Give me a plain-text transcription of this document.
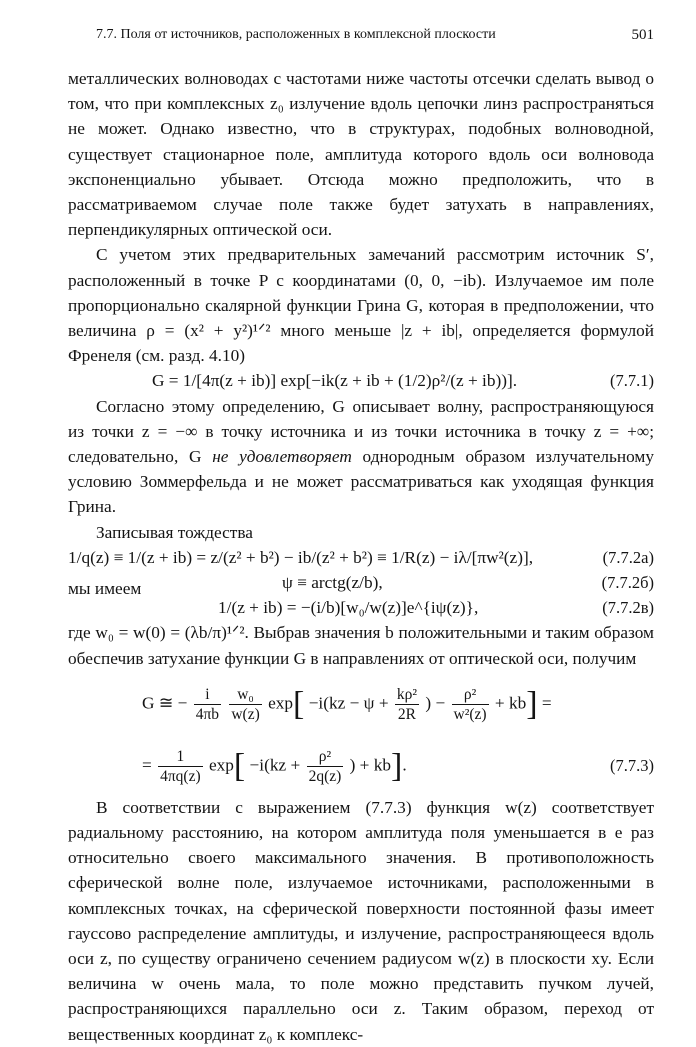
7.7. Поля от источников, расположенных в комплексной плоскости	501

металлических волноводах с частотами ниже частоты отсечки сделать вывод о том, что при комплексных z₀ излучение вдоль цепочки линз распространяться не может. Однако известно, что в структурах, подобных волноводной, существует стационарное поле, амплитуда которого вдоль оси волновода экспоненциально убывает. Отсюда можно предположить, что в рассматриваемом случае поле также будет затухать в направлениях, перпендикулярных оптической оси.

С учетом этих предварительных замечаний рассмотрим источник S′, расположенный в точке P с координатами (0, 0, −ib). Излучаемое им поле пропорционально скалярной функции Грина G, которая в предположении, что величина ρ = (x² + y²)¹ᐟ² много меньше |z + ib|, определяется формулой Френеля (см. разд. 4.10)

G = 1/[4π(z + ib)] exp[−ik(z + ib + (1/2)ρ²/(z + ib))].	(7.7.1)

Согласно этому определению, G описывает волну, распространяющуюся из точки z = −∞ в точку источника и из точки источника в точку z = +∞; следовательно, G не удовлетворяет однородным образом излучательному условию Зоммерфельда и не может рассматриваться как уходящая функция Грина.

Записывая тождества

1/q(z) ≡ 1/(z + ib) = z/(z² + b²) − ib/(z² + b²) ≡ 1/R(z) − iλ/[πw²(z)],	(7.7.2а)
мы имеем	ψ ≡ arctg(z/b),	(7.7.2б)
1/(z + ib) = −(i/b)[w₀/w(z)]e^{iψ(z)},	(7.7.2в)

где w₀ = w(0) = (λb/π)¹ᐟ². Выбрав значения b положительными и таким образом обеспечив затухание функции G в направлениях от оптической оси, получим

G ≅ − $\frac{i}{4\pi b}$
$\frac{\text{w₀}}{w(z)} \exp[ -i(kz - \psi + \frac{\text{kρ²}}{2R}$ ) − $\frac{\text{ρ²}}{\text{w²(z)}} + kb$] =
= $\frac{1}{4\pi q(z)} \exp[ -i(kz + \frac{\text{ρ²}}{2q(z)}$ ) + kb].	(7.7.3)

В соответствии с выражением (7.7.3) функция w(z) соответствует радиальному расстоянию, на котором амплитуда поля уменьшается в e раз относительно своего максимального значения. В противоположность сферической волне поле, излучаемое источниками, расположенными в комплексных точках, на сферической поверхности постоянной фазы имеет гауссово распределение амплитуды, и излучение, распространяющееся вдоль оси z, по существу ограничено сечением радиусом w(z) в плоскости xy. Если величина w очень мала, то поле можно представить пучком лучей, распространяющихся параллельно оси z. Таким образом, переход от вещественных координат z₀ к комплекс-
